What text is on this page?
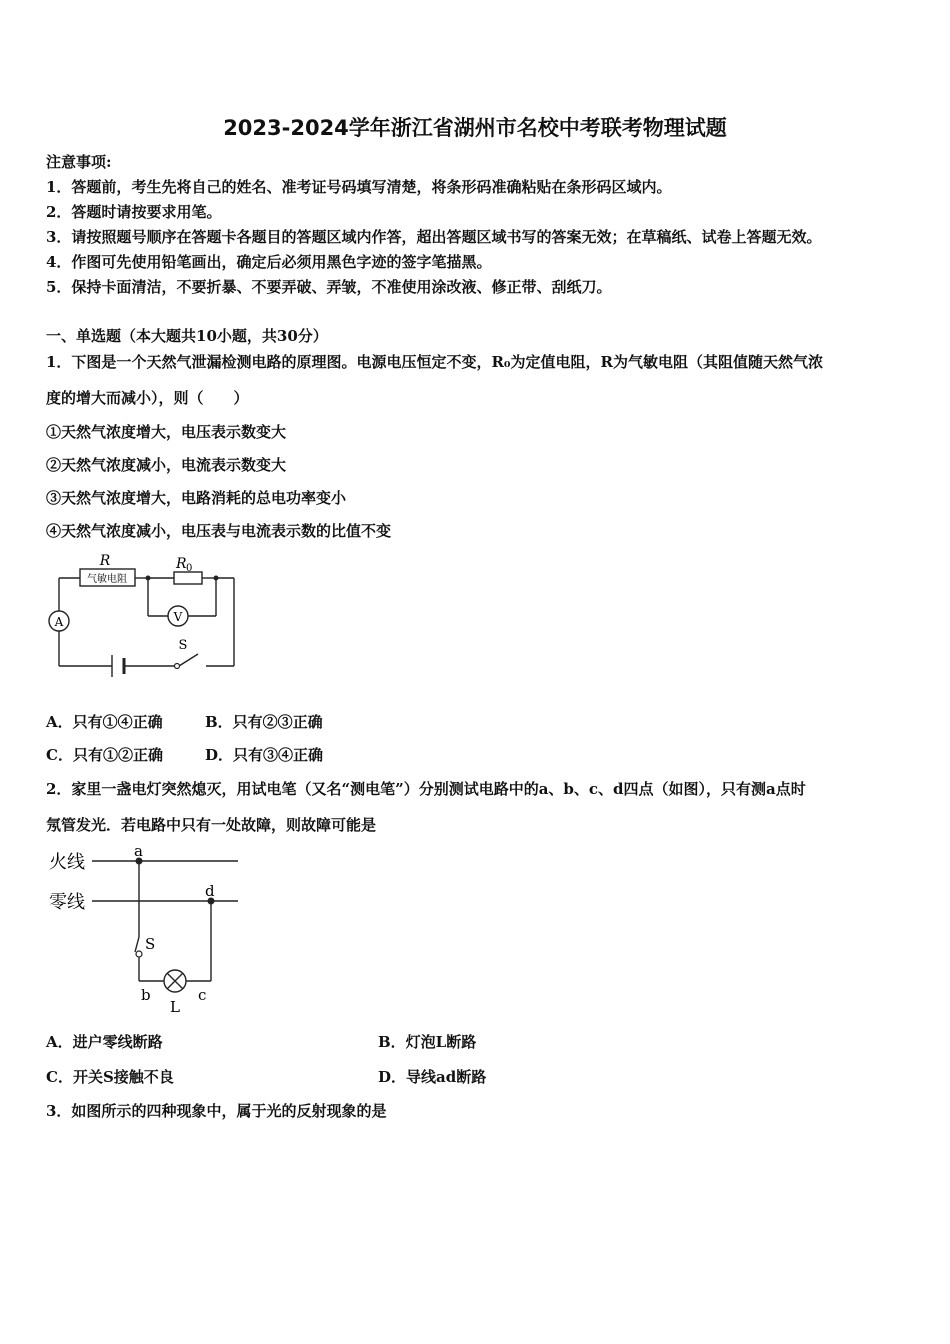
2023-2024学年浙江省湖州市名校中考联考物理试题
注意事项:
1．答题前，考生先将自己的姓名、准考证号码填写清楚，将条形码准确粘贴在条形码区域内。
2．答题时请按要求用笔。
3．请按照题号顺序在答题卡各题目的答题区域内作答，超出答题区域书写的答案无效；在草稿纸、试卷上答题无效。
4．作图可先使用铅笔画出，确定后必须用黑色字迹的签字笔描黑。
5．保持卡面清洁，不要折暴、不要弄破、弄皱，不准使用涂改液、修正带、刮纸刀。
一、单选题（本大题共10小题，共30分）
1．下图是一个天然气泄漏检测电路的原理图。电源电压恒定不变，R₀为定值电阻，R为气敏电阻（其阻值随天然气浓
度的增大而减小），则（　　）
①天然气浓度增大，电压表示数变大
②天然气浓度减小，电流表示数变大
③天然气浓度增大，电路消耗的总电功率变小
④天然气浓度减小，电压表与电流表示数的比值不变
A	V
R
气敏电阻
R 0
S
A．只有①④正确	B．只有②③正确
C．只有①②正确	D．只有③④正确
2．家里一盏电灯突然熄灭，用试电笔（又名“测电笔”）分别测试电路中的a、b、c、d四点（如图），只有测a点时
氖管发光．若电路中只有一处故障，则故障可能是
火线
零线
a
d
S
b	c
L
A．进户零线断路	B．灯泡L断路
C．开关S接触不良	D．导线ad断路
3．如图所示的四种现象中，属于光的反射现象的是
